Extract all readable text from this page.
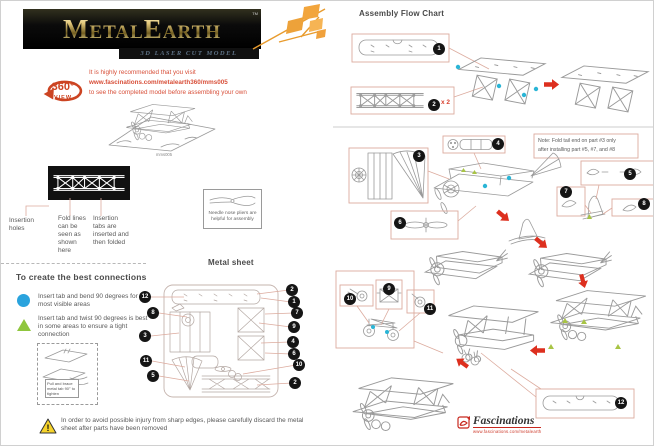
MetalEarth	TM
3D LASER CUT MODEL
360°
VIEW
It is highly recommended that you visit
www.fascinations.com/metalearth360/mms005
to see the completed model before assembling your own
mms005
Insertion holes
Fold lines can be seen as shown here
Insertion tabs are inserted and then folded
Needle nose pliers are helpful for assembly
To create the best connections
Insert tab and bend 90 degrees for most visible areas
Insert tab and twist 90 degrees is best in some areas to ensure a tight connection
Pull and brace metal tab 90° to tighten
!
In order to avoid possible injury from sharp edges, please carefully discard the metal sheet after parts have been removed
Metal sheet
12
8
3
11
5
2
1
7
9
4
6
10
2
Assembly Flow Chart
Note: Fold tail end on part #3 only
after installing part #5, #7, and #8
x 2
1
2
3
4
5
6
7
8
9
10
11
12
Fascinations
www.fascinations.com/metalearth
